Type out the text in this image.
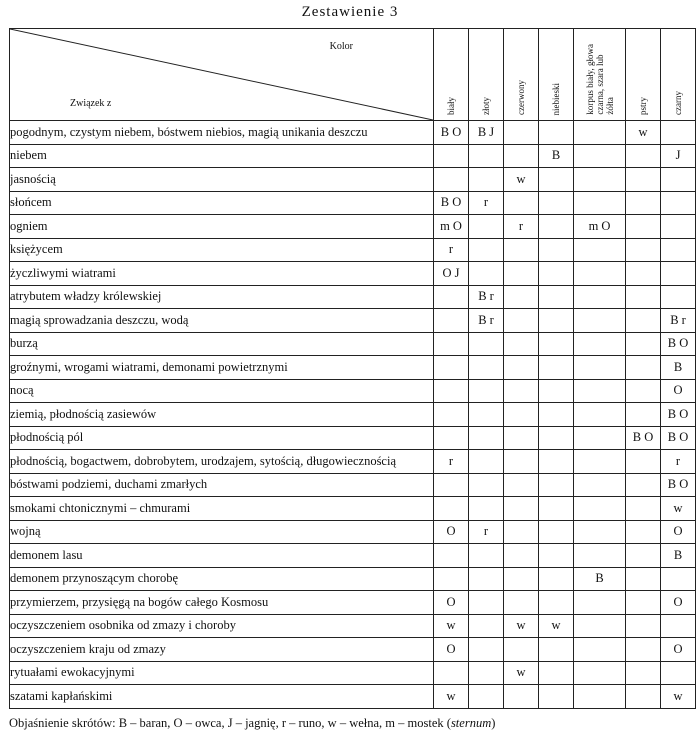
Zestawienie 3
Kolor
Związek z	biały	złoty	czerwony	niebieski	korpus biały, głowa
czarna, szara lub
żółta	pstry	czarny
pogodnym, czystym niebem, bóstwem niebios, magią unikania deszczu	B O	B J				w	
niebem				B			J
jasnością			w				
słońcem	B O	r					
ogniem	m O		r		m O		
księżycem	r						
życzliwymi wiatrami	O J						
atrybutem władzy królewskiej		B r					
magią sprowadzania deszczu, wodą		B r					B r
burzą							B O
groźnymi, wrogami wiatrami, demonami powietrznymi							B
nocą							O
ziemią, płodnością zasiewów							B O
płodnością pól						B O	B O
płodnością, bogactwem, dobrobytem, urodzajem, sytością, długowiecznością	r						r
bóstwami podziemi, duchami zmarłych							B O
smokami chtonicznymi – chmurami							w
wojną	O	r					O
demonem lasu							B
demonem przynoszącym chorobę					B		
przymierzem, przysięgą na bogów całego Kosmosu	O						O
oczyszczeniem osobnika od zmazy i choroby	w		w	w			
oczyszczeniem kraju od zmazy	O						O
rytuałami ewokacyjnymi			w				
szatami kapłańskimi	w						w
Objaśnienie skrótów: B – baran, O – owca, J – jagnię, r – runo, w – wełna, m – mostek (sternum)
